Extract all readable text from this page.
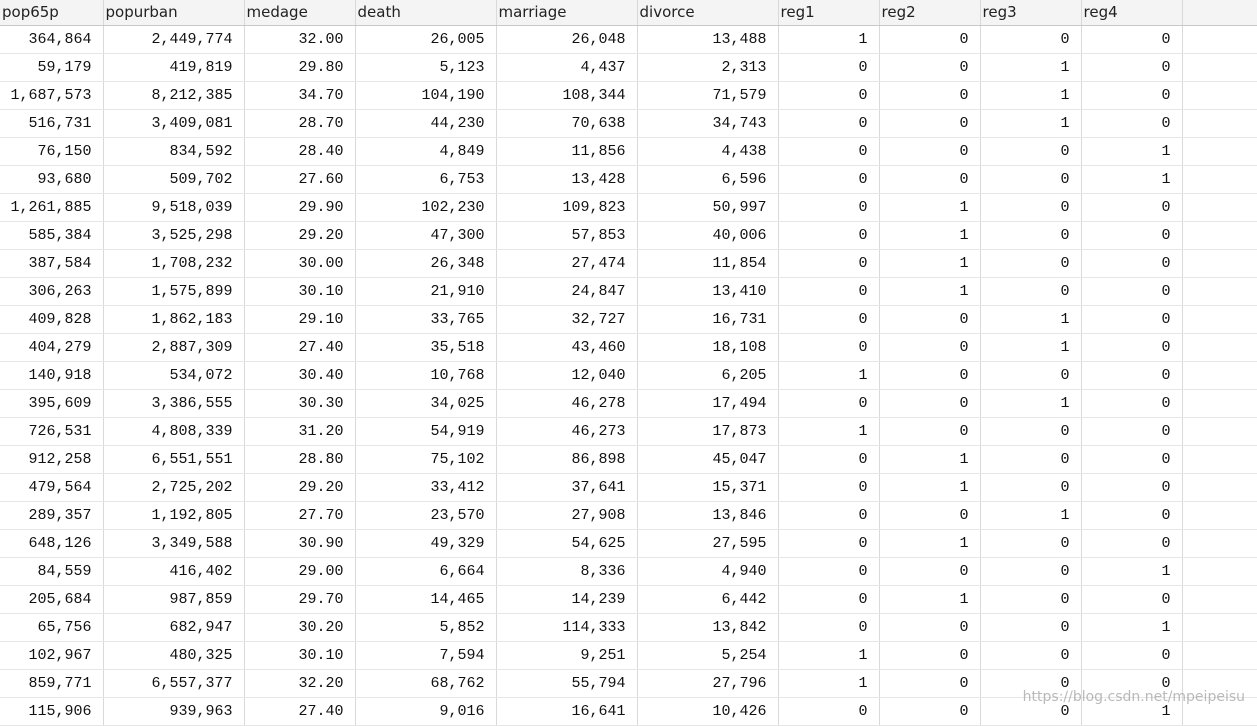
pop65p	popurban	medage	death	marriage	divorce	reg1	reg2	reg3	reg4	
364,864	2,449,774	32.00	26,005	26,048	13,488	1	0	0	0	
59,179	419,819	29.80	5,123	4,437	2,313	0	0	1	0	
1,687,573	8,212,385	34.70	104,190	108,344	71,579	0	0	1	0	
516,731	3,409,081	28.70	44,230	70,638	34,743	0	0	1	0	
76,150	834,592	28.40	4,849	11,856	4,438	0	0	0	1	
93,680	509,702	27.60	6,753	13,428	6,596	0	0	0	1	
1,261,885	9,518,039	29.90	102,230	109,823	50,997	0	1	0	0	
585,384	3,525,298	29.20	47,300	57,853	40,006	0	1	0	0	
387,584	1,708,232	30.00	26,348	27,474	11,854	0	1	0	0	
306,263	1,575,899	30.10	21,910	24,847	13,410	0	1	0	0	
409,828	1,862,183	29.10	33,765	32,727	16,731	0	0	1	0	
404,279	2,887,309	27.40	35,518	43,460	18,108	0	0	1	0	
140,918	534,072	30.40	10,768	12,040	6,205	1	0	0	0	
395,609	3,386,555	30.30	34,025	46,278	17,494	0	0	1	0	
726,531	4,808,339	31.20	54,919	46,273	17,873	1	0	0	0	
912,258	6,551,551	28.80	75,102	86,898	45,047	0	1	0	0	
479,564	2,725,202	29.20	33,412	37,641	15,371	0	1	0	0	
289,357	1,192,805	27.70	23,570	27,908	13,846	0	0	1	0	
648,126	3,349,588	30.90	49,329	54,625	27,595	0	1	0	0	
84,559	416,402	29.00	6,664	8,336	4,940	0	0	0	1	
205,684	987,859	29.70	14,465	14,239	6,442	0	1	0	0	
65,756	682,947	30.20	5,852	114,333	13,842	0	0	0	1	
102,967	480,325	30.10	7,594	9,251	5,254	1	0	0	0	
859,771	6,557,377	32.20	68,762	55,794	27,796	1	0	0	0	
115,906	939,963	27.40	9,016	16,641	10,426	0	0	0	1	
https://blog.csdn.net/mpeipeisu
